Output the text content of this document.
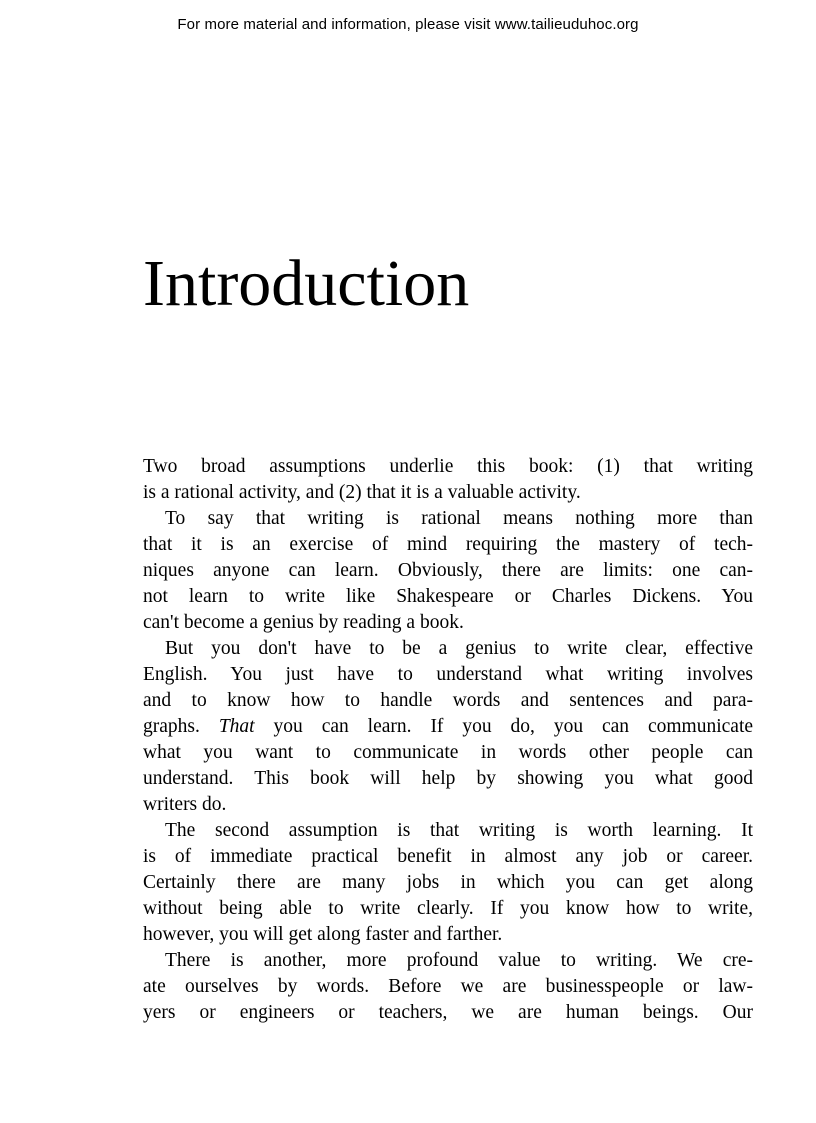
For more material and information, please visit www.tailieuduhoc.org
Introduction
Two broad assumptions underlie this book: (1) that writing
is a rational activity, and (2) that it is a valuable activity.
To say that writing is rational means nothing more than
that it is an exercise of mind requiring the mastery of tech-
niques anyone can learn. Obviously, there are limits: one can-
not learn to write like Shakespeare or Charles Dickens. You
can't become a genius by reading a book.
But you don't have to be a genius to write clear, effective
English. You just have to understand what writing involves
and to know how to handle words and sentences and para-
graphs. That you can learn. If you do, you can communicate
what you want to communicate in words other people can
understand. This book will help by showing you what good
writers do.
The second assumption is that writing is worth learning. It
is of immediate practical benefit in almost any job or career.
Certainly there are many jobs in which you can get along
without being able to write clearly. If you know how to write,
however, you will get along faster and farther.
There is another, more profound value to writing. We cre-
ate ourselves by words. Before we are businesspeople or law-
yers or engineers or teachers, we are human beings. Our
